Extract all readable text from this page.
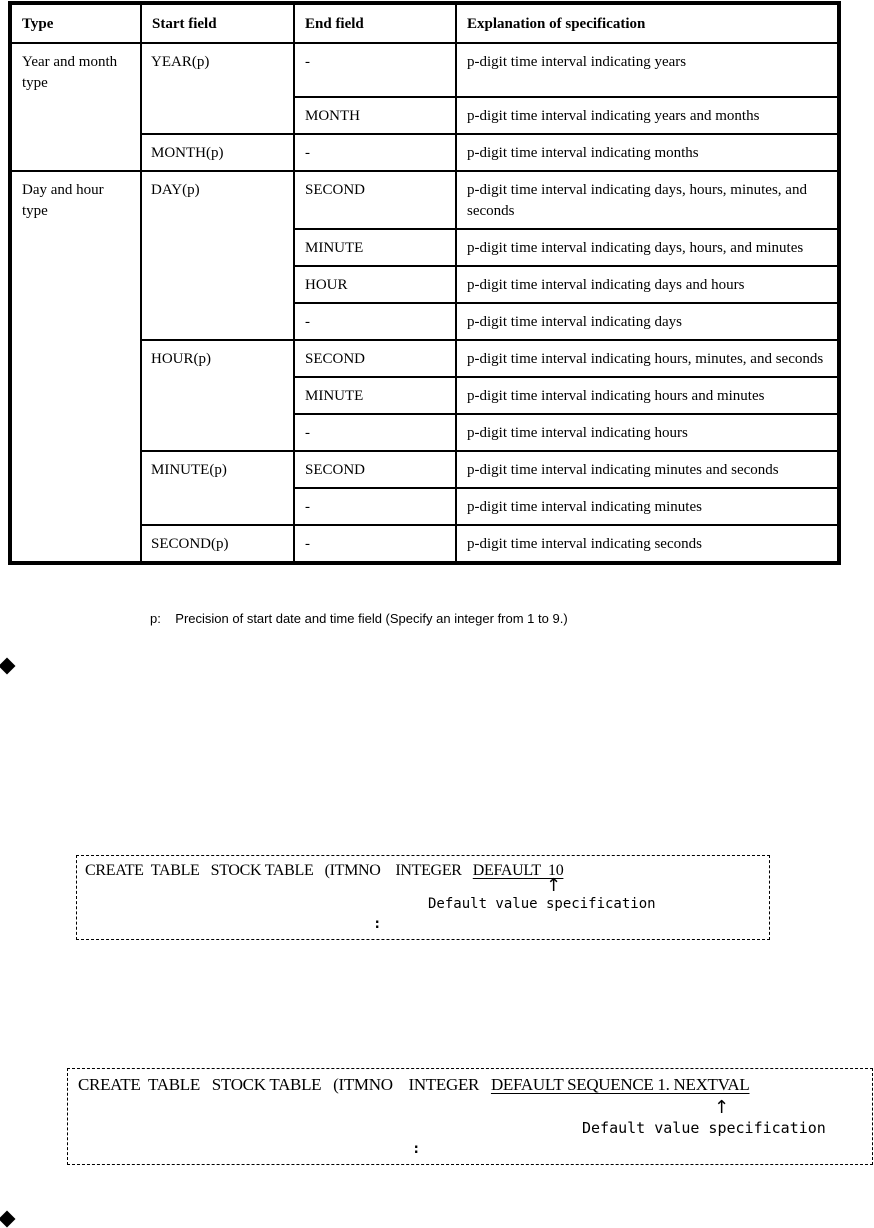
Type	Start field	End field	Explanation of specification
Year and month type	YEAR(p)	-	p-digit time interval indicating years
		MONTH	p-digit time interval indicating years and months
	MONTH(p)	-	p-digit time interval indicating months
Day and hour type	DAY(p)	SECOND	p-digit time interval indicating days, hours, minutes, and seconds
		MINUTE	p-digit time interval indicating days, hours, and minutes
		HOUR	p-digit time interval indicating days and hours
		-	p-digit time interval indicating days
	HOUR(p)	SECOND	p-digit time interval indicating hours, minutes, and seconds
		MINUTE	p-digit time interval indicating hours and minutes
		-	p-digit time interval indicating hours
	MINUTE(p)	SECOND	p-digit time interval indicating minutes and seconds
		-	p-digit time interval indicating minutes
	SECOND(p)	-	p-digit time interval indicating seconds
p:    Precision of start date and time field (Specify an integer from 1 to 9.)
CREATE  TABLE   STOCK TABLE   (ITMNO    INTEGER   DEFAULT  10
↑
Default value specification
:
CREATE  TABLE   STOCK TABLE   (ITMNO    INTEGER   DEFAULT SEQUENCE 1. NEXTVAL
↑
Default value specification
:
